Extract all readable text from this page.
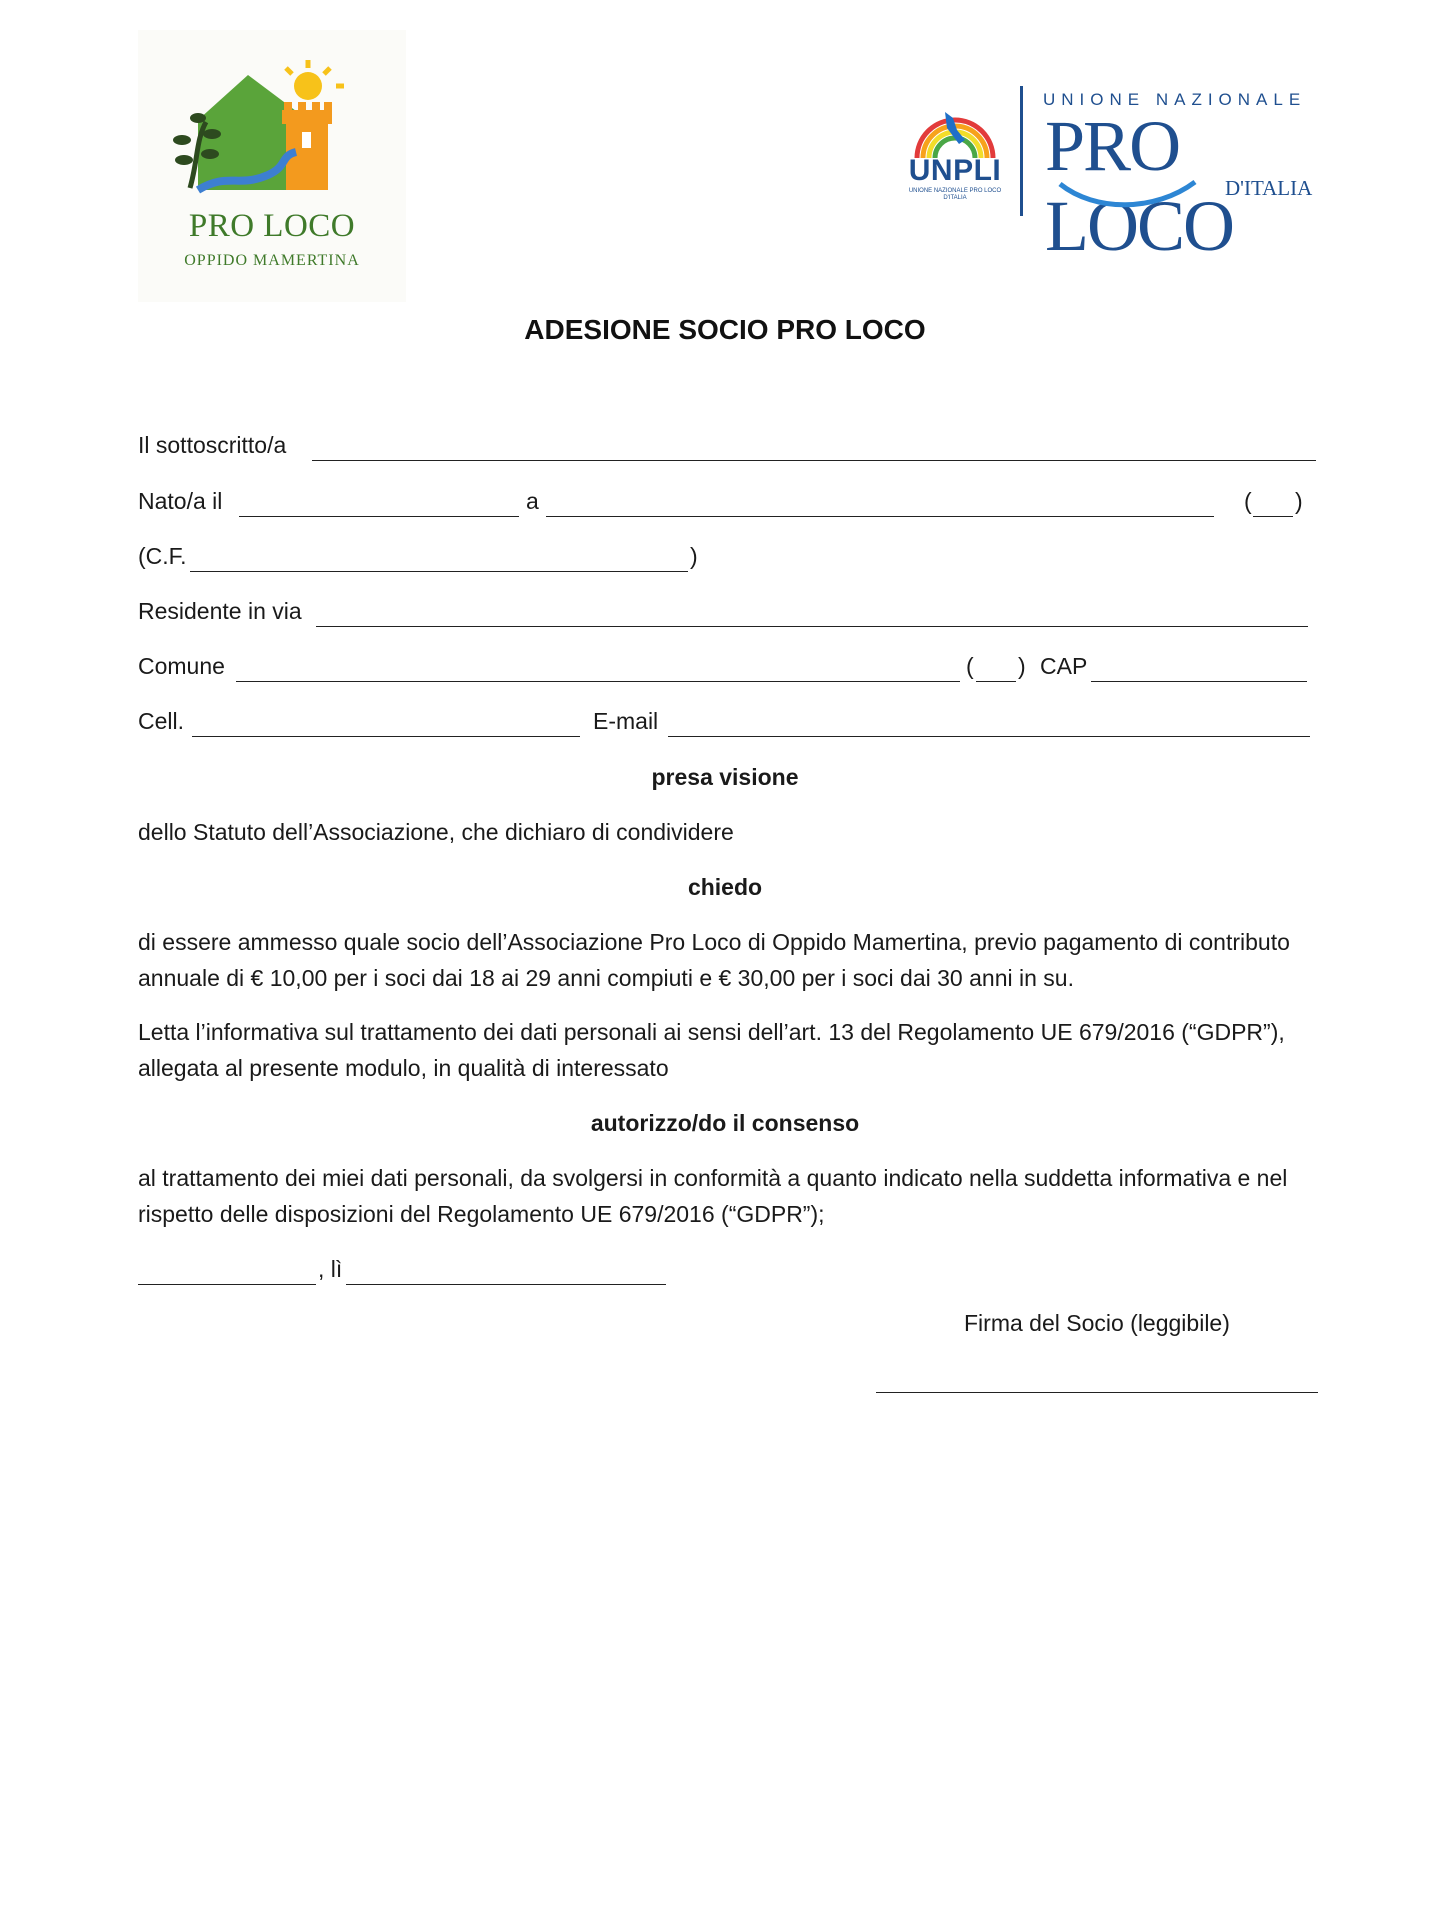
PRO LOCO
OPPIDO MAMERTINA
UNPLI
UNIONE NAZIONALE PRO LOCO D'ITALIA
UNIONE NAZIONALE
PRO LOCO
D'ITALIA
ADESIONE SOCIO PRO LOCO
Il sottoscritto/a
Nato/a il	a	( )
(C.F.	)
Residente in via
Comune	( ) CAP
Cell.	E-mail
presa visione
dello Statuto dell’Associazione, che dichiaro di condividere
chiedo
di essere ammesso quale socio dell’Associazione Pro Loco di Oppido Mamertina, previo pagamento di contributo annuale di € 10,00 per i soci dai 18 ai 29 anni compiuti e € 30,00 per i soci dai 30 anni in su.
Letta l’informativa sul trattamento dei dati personali ai sensi dell’art. 13 del Regolamento UE 679/2016 (“GDPR”), allegata al presente modulo, in qualità di interessato
autorizzo/do il consenso
al trattamento dei miei dati personali, da svolgersi in conformità a quanto indicato nella suddetta informativa e nel rispetto delle disposizioni del Regolamento UE 679/2016 (“GDPR”);
, lì
Firma del Socio (leggibile)
